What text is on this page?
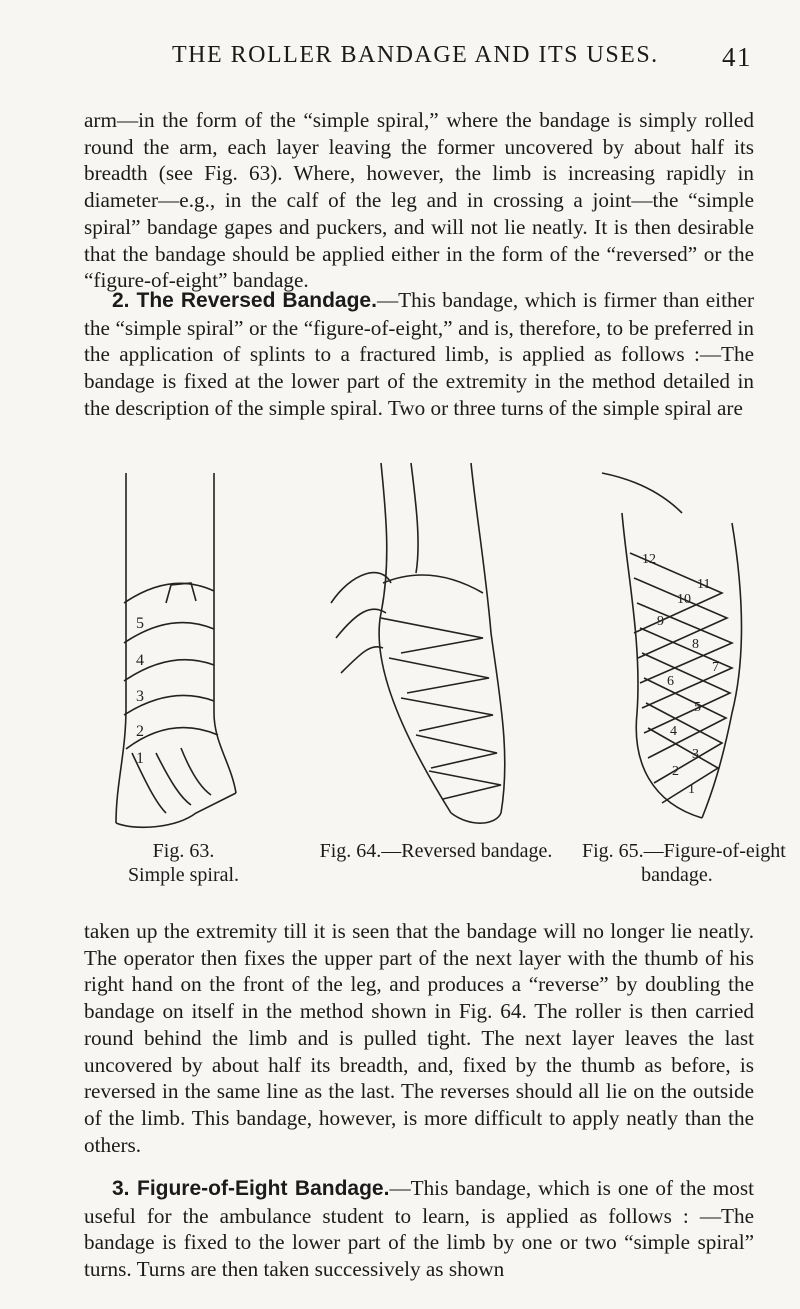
THE ROLLER BANDAGE AND ITS USES. 41

arm—in the form of the “simple spiral,” where the bandage is simply rolled round the arm, each layer leaving the former uncovered by about half its breadth (see Fig. 63). Where, however, the limb is increasing rapidly in diameter—e.g., in the calf of the leg and in crossing a joint—the “simple spiral” bandage gapes and puckers, and will not lie neatly. It is then desirable that the bandage should be applied either in the form of the “reversed” or the “figure-of-eight” bandage.

2. The Reversed Bandage.—This bandage, which is firmer than either the “simple spiral” or the “figure-of-eight,” and is, therefore, to be preferred in the application of splints to a fractured limb, is applied as follows :—The bandage is fixed at the lower part of the extremity in the method detailed in the description of the simple spiral. Two or three turns of the simple spiral are

5
4
3
2
1
12
11
10
9
8
7
6
5
4
3
2
1
Fig. 63.
Simple spiral.
Fig. 64.—Reversed bandage.	Fig. 65.—Figure-of-eight
bandage.

taken up the extremity till it is seen that the bandage will no longer lie neatly. The operator then fixes the upper part of the next layer with the thumb of his right hand on the front of the leg, and produces a “reverse” by doubling the bandage on itself in the method shown in Fig. 64. The roller is then carried round behind the limb and is pulled tight. The next layer leaves the last uncovered by about half its breadth, and, fixed by the thumb as before, is reversed in the same line as the last. The reverses should all lie on the outside of the limb. This bandage, however, is more difficult to apply neatly than the others.

3. Figure-of-Eight Bandage.—This bandage, which is one of the most useful for the ambulance student to learn, is applied as follows : —The bandage is fixed to the lower part of the limb by one or two “simple spiral” turns. Turns are then taken successively as shown
